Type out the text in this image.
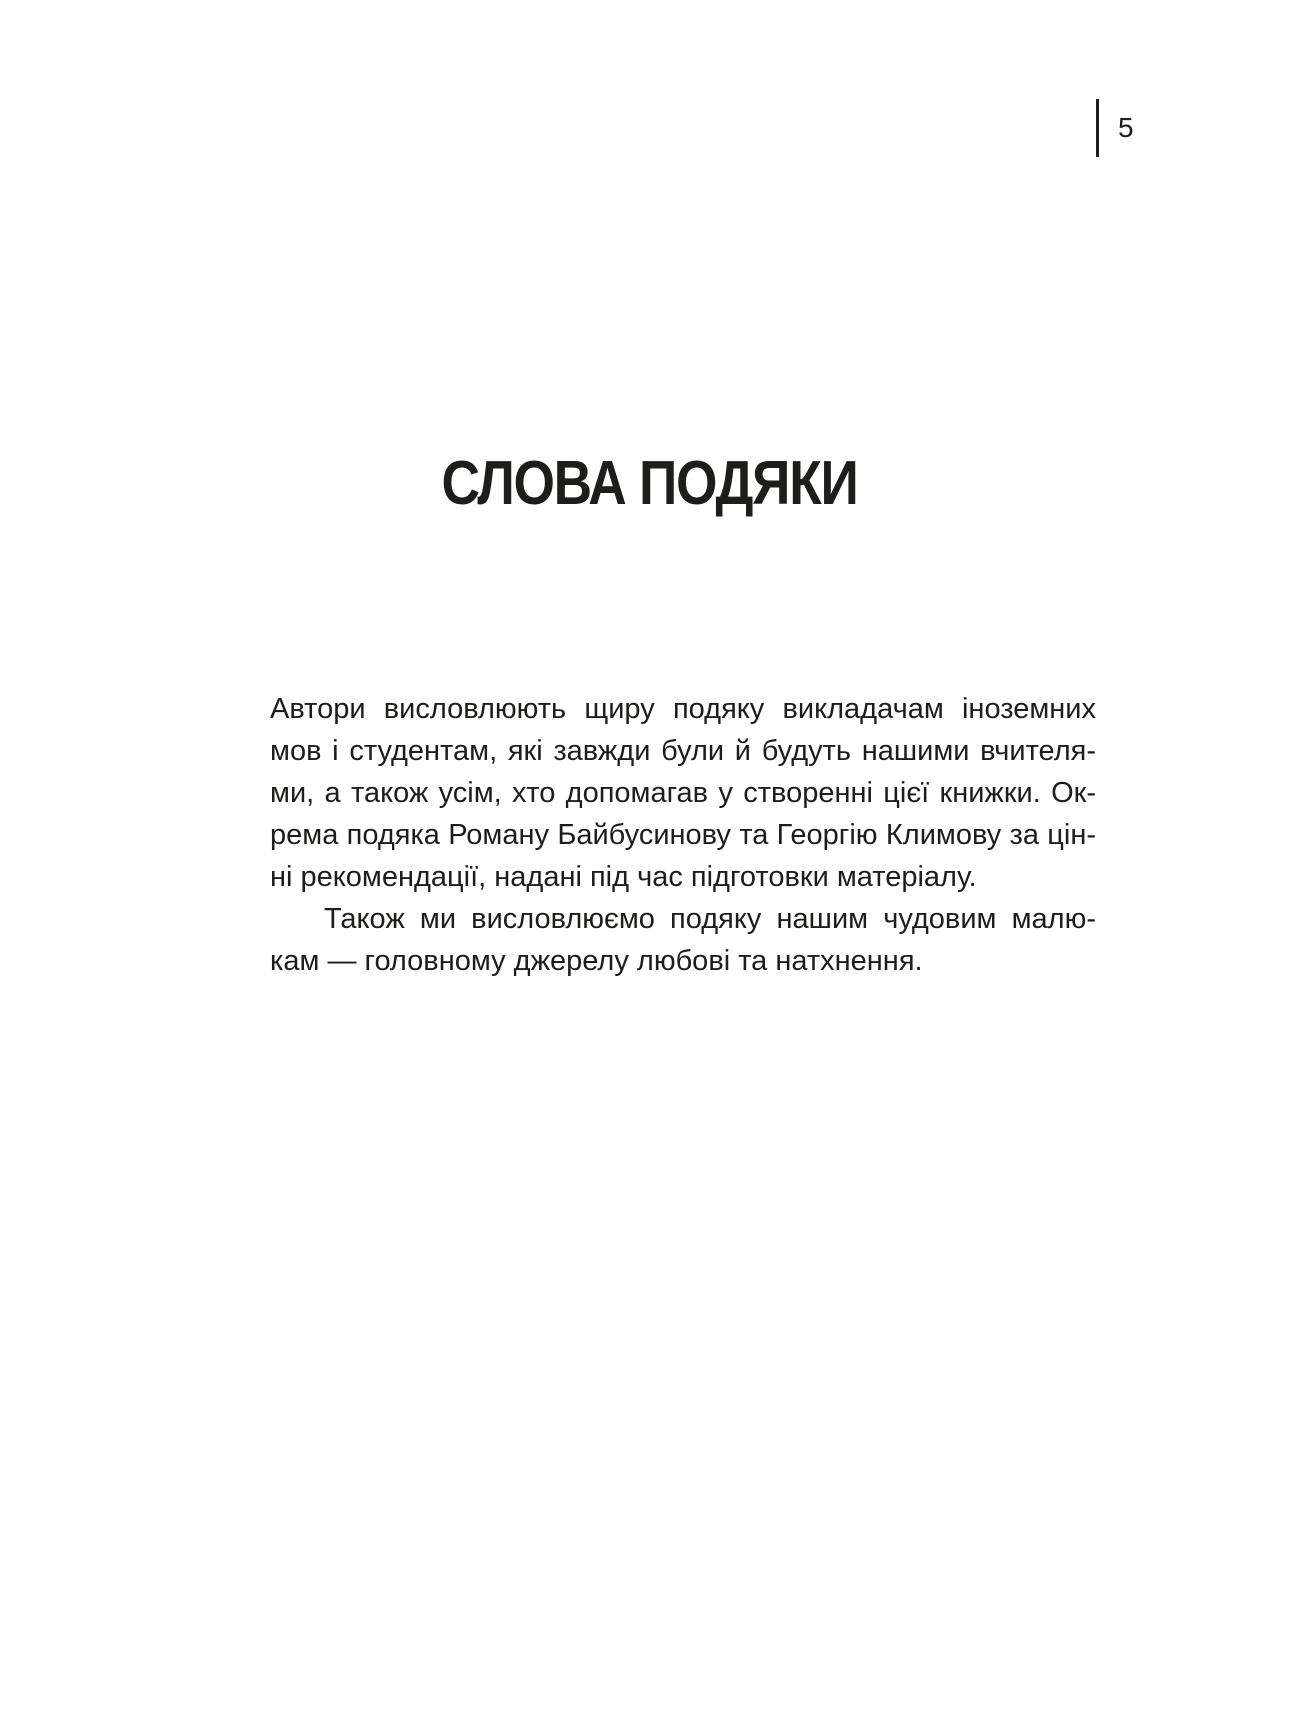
5
СЛОВА ПОДЯКИ
Автори висловлюють щиру подяку викладачам іноземних
мов і студентам, які завжди були й будуть нашими вчителя-
ми, а також усім, хто допомагав у створенні цієї книжки. Ок-
рема подяка Роману Байбусинову та Георгію Климову за цін-
ні рекомендації, надані під час підготовки матеріалу.
Також ми висловлюємо подяку нашим чудовим малю-
кам — головному джерелу любові та натхнення.
